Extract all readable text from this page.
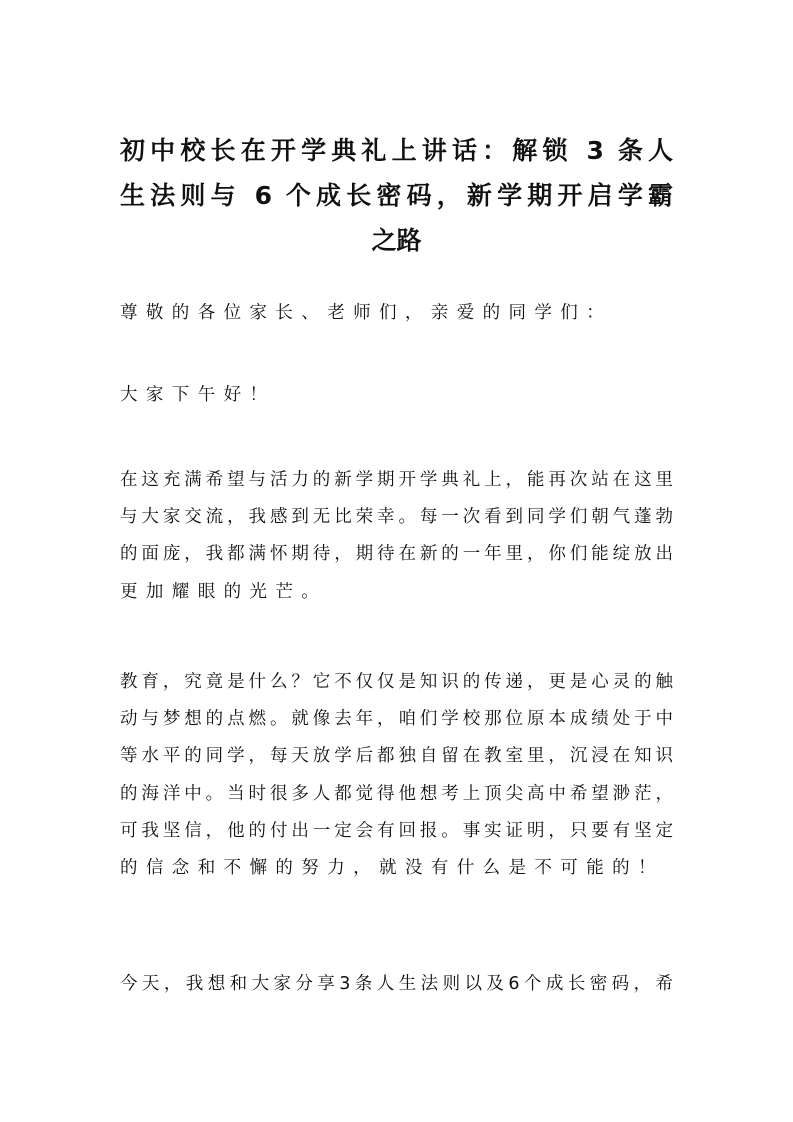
初中校长在开学典礼上讲话：解锁 3 条人
生法则与 6 个成长密码，新学期开启学霸
之路
尊敬的各位家长、老师们，亲爱的同学们：
大家下午好！
在这充满希望与活力的新学期开学典礼上，能再次站在这里
与大家交流，我感到无比荣幸。每一次看到同学们朝气蓬勃
的面庞，我都满怀期待，期待在新的一年里，你们能绽放出
更加耀眼的光芒。
教育，究竟是什么？它不仅仅是知识的传递，更是心灵的触
动与梦想的点燃。就像去年，咱们学校那位原本成绩处于中
等水平的同学，每天放学后都独自留在教室里，沉浸在知识
的海洋中。当时很多人都觉得他想考上顶尖高中希望渺茫，
可我坚信，他的付出一定会有回报。事实证明，只要有坚定
的信念和不懈的努力，就没有什么是不可能的！
今天，我想和大家分享3条人生法则以及6个成长密码，希
